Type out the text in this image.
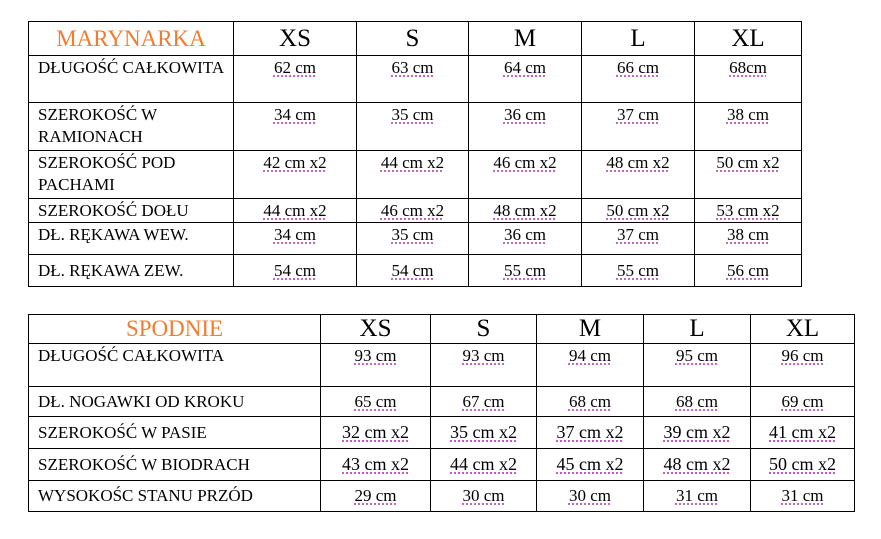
MARYNARKA	XS	S	M	L	XL
DŁUGOŚĆ CAŁKOWITA	62 cm	63 cm	64 cm	66 cm	68cm
SZEROKOŚĆ W RAMIONACH	34 cm	35 cm	36 cm	37 cm	38 cm
SZEROKOŚĆ POD PACHAMI	42 cm x2	44 cm x2	46 cm x2	48 cm x2	50 cm x2
SZEROKOŚĆ DOŁU	44 cm x2	46 cm x2	48 cm x2	50 cm x2	53 cm x2
DŁ. RĘKAWA WEW.	34 cm	35 cm	36 cm	37 cm	38 cm
DŁ. RĘKAWA ZEW.	54 cm	54 cm	55 cm	55 cm	56 cm
SPODNIE	XS	S	M	L	XL
DŁUGOŚĆ CAŁKOWITA	93 cm	93 cm	94 cm	95 cm	96 cm
DŁ. NOGAWKI OD KROKU	65 cm	67 cm	68 cm	68 cm	69 cm
SZEROKOŚĆ W PASIE	32 cm x2	35 cm x2	37 cm x2	39 cm x2	41 cm x2
SZEROKOŚĆ W BIODRACH	43 cm x2	44 cm x2	45 cm x2	48 cm x2	50 cm x2
WYSOKOŚC STANU PRZÓD	29 cm	30 cm	30 cm	31 cm	31 cm
